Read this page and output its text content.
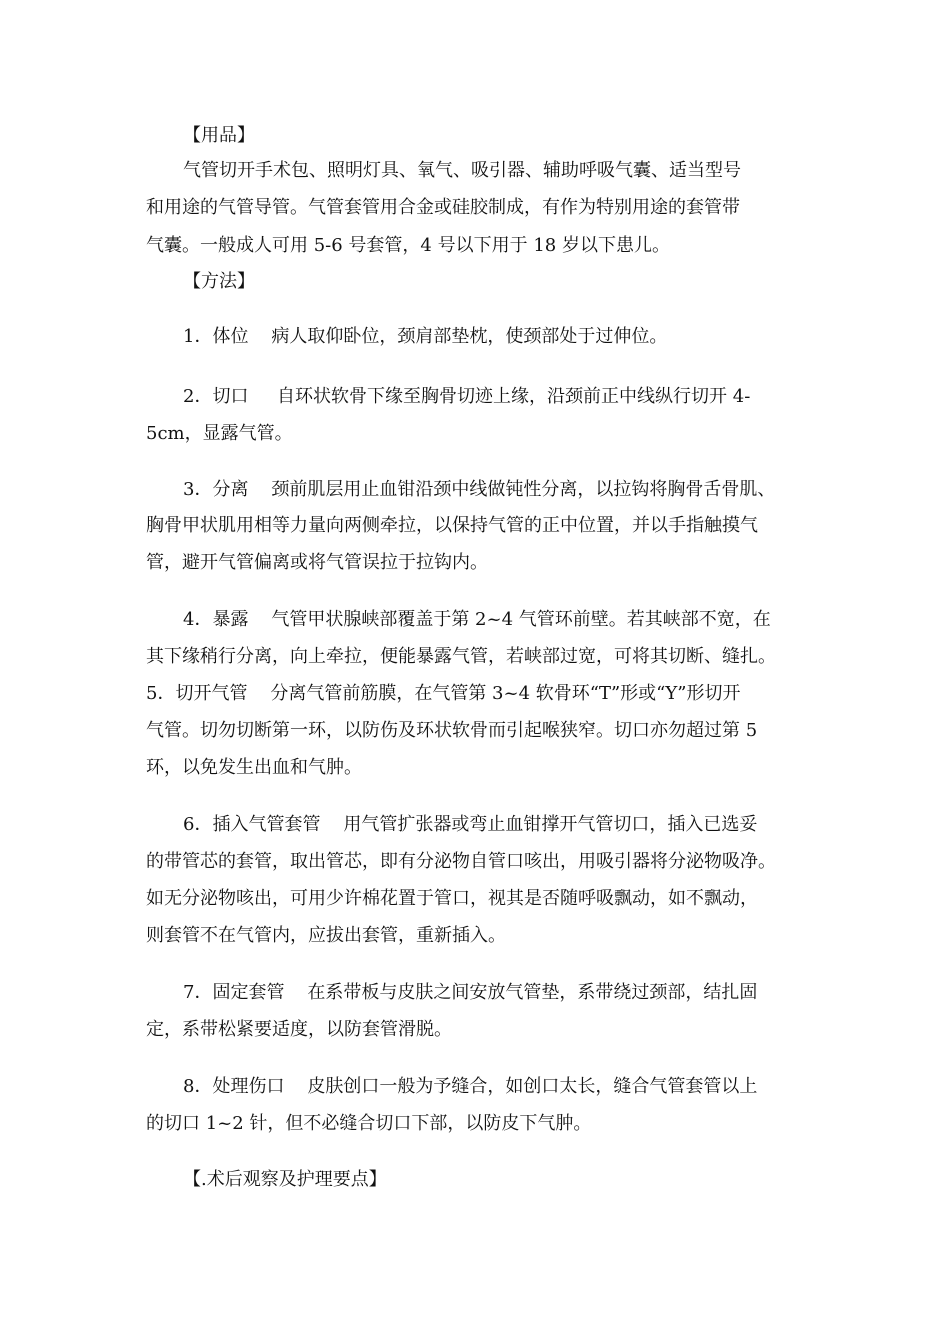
【用品】
气管切开手术包、照明灯具、氧气、吸引器、辅助呼吸气囊、适当型号
和用途的气管导管。气管套管用合金或硅胶制成，有作为特别用途的套管带
气囊。一般成人可用 5-6 号套管，4 号以下用于 18 岁以下患儿。
【方法】
1．体位    病人取仰卧位，颈肩部垫枕，使颈部处于过伸位。
2．切口     自环状软骨下缘至胸骨切迹上缘，沿颈前正中线纵行切开 4-
5cm，显露气管。
3．分离    颈前肌层用止血钳沿颈中线做钝性分离，以拉钩将胸骨舌骨肌、
胸骨甲状肌用相等力量向两侧牵拉，以保持气管的正中位置，并以手指触摸气
管，避开气管偏离或将气管误拉于拉钩内。
4．暴露    气管甲状腺峡部覆盖于第 2~4 气管环前壁。若其峡部不宽，在
其下缘稍行分离，向上牵拉，便能暴露气管，若峡部过宽，可将其切断、缝扎。
5．切开气管    分离气管前筋膜，在气管第 3~4 软骨环“T”形或“Y”形切开
气管。切勿切断第一环，以防伤及环状软骨而引起喉狭窄。切口亦勿超过第 5
环，以免发生出血和气肿。
6．插入气管套管    用气管扩张器或弯止血钳撑开气管切口，插入已选妥
的带管芯的套管，取出管芯，即有分泌物自管口咳出，用吸引器将分泌物吸净。
如无分泌物咳出，可用少许棉花置于管口，视其是否随呼吸飘动，如不飘动，
则套管不在气管内，应拔出套管，重新插入。
7．固定套管    在系带板与皮肤之间安放气管垫，系带绕过颈部，结扎固
定，系带松紧要适度，以防套管滑脱。
8．处理伤口    皮肤创口一般为予缝合，如创口太长，缝合气管套管以上
的切口 1~2 针，但不必缝合切口下部，以防皮下气肿。
【.术后观察及护理要点】
